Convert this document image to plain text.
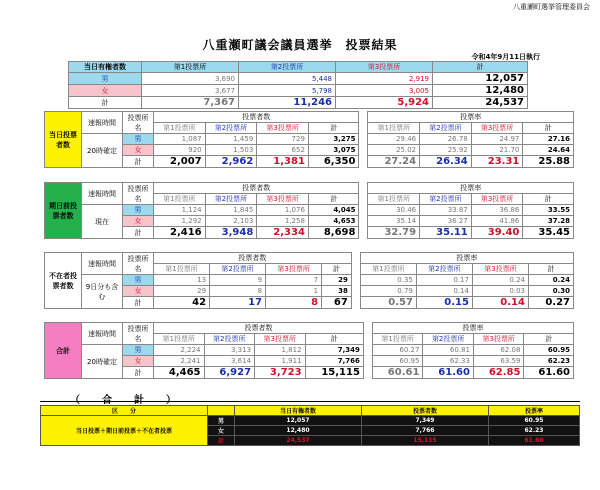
八重瀬町選挙管理委員会
八重瀬町議会議員選挙　投票結果
令和4年9月11日執行
当日有権者数	第1投票所	第2投票所	第3投票所	計
男	3,690	5,448	2,919	12,057
女	3,677	5,798	3,005	12,480
計	7,367	11,246	5,924	24,537
当日投票者数	速報時間	投票所名	投票者数					投票率			
			第1投票所	第2投票所	第3投票所	計		第1投票所	第2投票所	第3投票所	計
	20時確定	男	1,087	1,459	729	3,275		29.46	26.78	24.97	27.16
		女	920	1,503	652	3,075		25.02	25.92	21.70	24.64
		計	2,007	2,962	1,381	6,350		27.24	26.34	23.31	25.88
期日前投票者数	速報時間	投票所名	投票者数					投票率			
			第1投票所	第2投票所	第3投票所	計		第1投票所	第2投票所	第3投票所	計
	現在	男	1,124	1,845	1,076	4,045		30.46	33.87	36.86	33.55
		女	1,292	2,103	1,258	4,653		35.14	36.27	41.86	37.28
		計	2,416	3,948	2,334	8,698		32.79	35.11	39.40	35.45
不在者投票者数	速報時間	投票所名	投票者数					投票率			
			第1投票所	第2投票所	第3投票所	計		第1投票所	第2投票所	第3投票所	計
	9日分も含む	男	13	9	7	29		0.35	0.17	0.24	0.24
		女	29	8	1	38		0.79	0.14	0.03	0.30
		計	42	17	8	67		0.57	0.15	0.14	0.27
合計	速報時間	投票所名	投票者数					投票率			
			第1投票所	第2投票所	第3投票所	計		第1投票所	第2投票所	第3投票所	計
	20時確定	男	2,224	3,313	1,812	7,349		60.27	60.81	62.08	60.95
		女	2,241	3,614	1,911	7,766		60.95	62.33	63.59	62.23
		計	4,465	6,927	3,723	15,115		60.61	61.60	62.85	61.60
（　合　計　）
区　　分		当日有権者数	投票者数	投票率
当日投票＋期日前投票＋不在者投票	男	12,057	7,349	60.95
	女	12,480	7,766	62.23
	計	24,537	15,115	61.60
